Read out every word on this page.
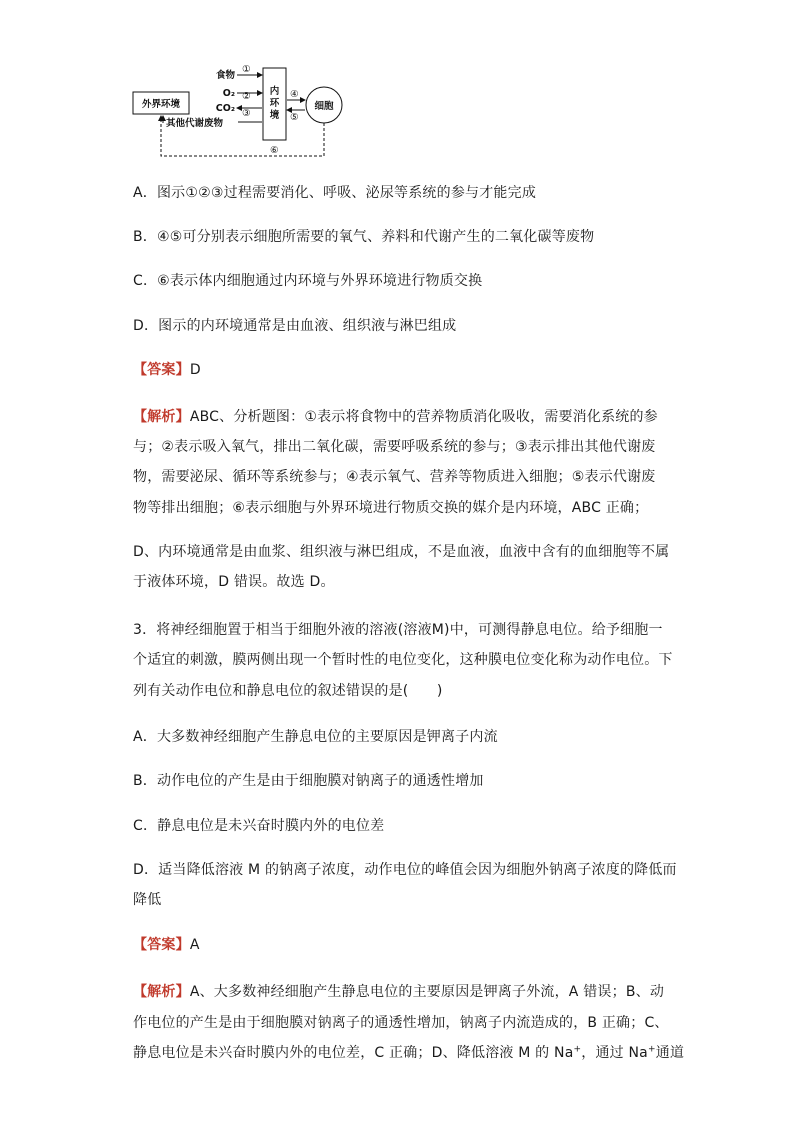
外界环境
内
环
境
细胞
食物
①
O₂ ②
CO₂ ③
其他代谢废物
④
⑤
⑥
A．图示①②③过程需要消化、呼吸、泌尿等系统的参与才能完成
B．④⑤可分别表示细胞所需要的氧气、养料和代谢产生的二氧化碳等废物
C．⑥表示体内细胞通过内环境与外界环境进行物质交换
D．图示的内环境通常是由血液、组织液与淋巴组成
【答案】D
【解析】ABC、分析题图：①表示将食物中的营养物质消化吸收，需要消化系统的参
与；②表示吸入氧气，排出二氧化碳，需要呼吸系统的参与；③表示排出其他代谢废
物，需要泌尿、循环等系统参与；④表示氧气、营养等物质进入细胞；⑤表示代谢废
物等排出细胞；⑥表示细胞与外界环境进行物质交换的媒介是内环境，ABC 正确；
D、内环境通常是由血浆、组织液与淋巴组成，不是血液，血液中含有的血细胞等不属
于液体环境，D 错误。故选 D。
3．将神经细胞置于相当于细胞外液的溶液(溶液M)中，可测得静息电位。给予细胞一
个适宜的刺激，膜两侧出现一个暂时性的电位变化，这种膜电位变化称为动作电位。下
列有关动作电位和静息电位的叙述错误的是(　　)
A．大多数神经细胞产生静息电位的主要原因是钾离子内流
B．动作电位的产生是由于细胞膜对钠离子的通透性增加
C．静息电位是未兴奋时膜内外的电位差
D．适当降低溶液 M 的钠离子浓度，动作电位的峰值会因为细胞外钠离子浓度的降低而
降低
【答案】A
【解析】A、大多数神经细胞产生静息电位的主要原因是钾离子外流，A 错误；B、动
作电位的产生是由于细胞膜对钠离子的通透性增加，钠离子内流造成的，B 正确；C、
静息电位是未兴奋时膜内外的电位差，C 正确；D、降低溶液 M 的 Na+，通过 Na+通道
